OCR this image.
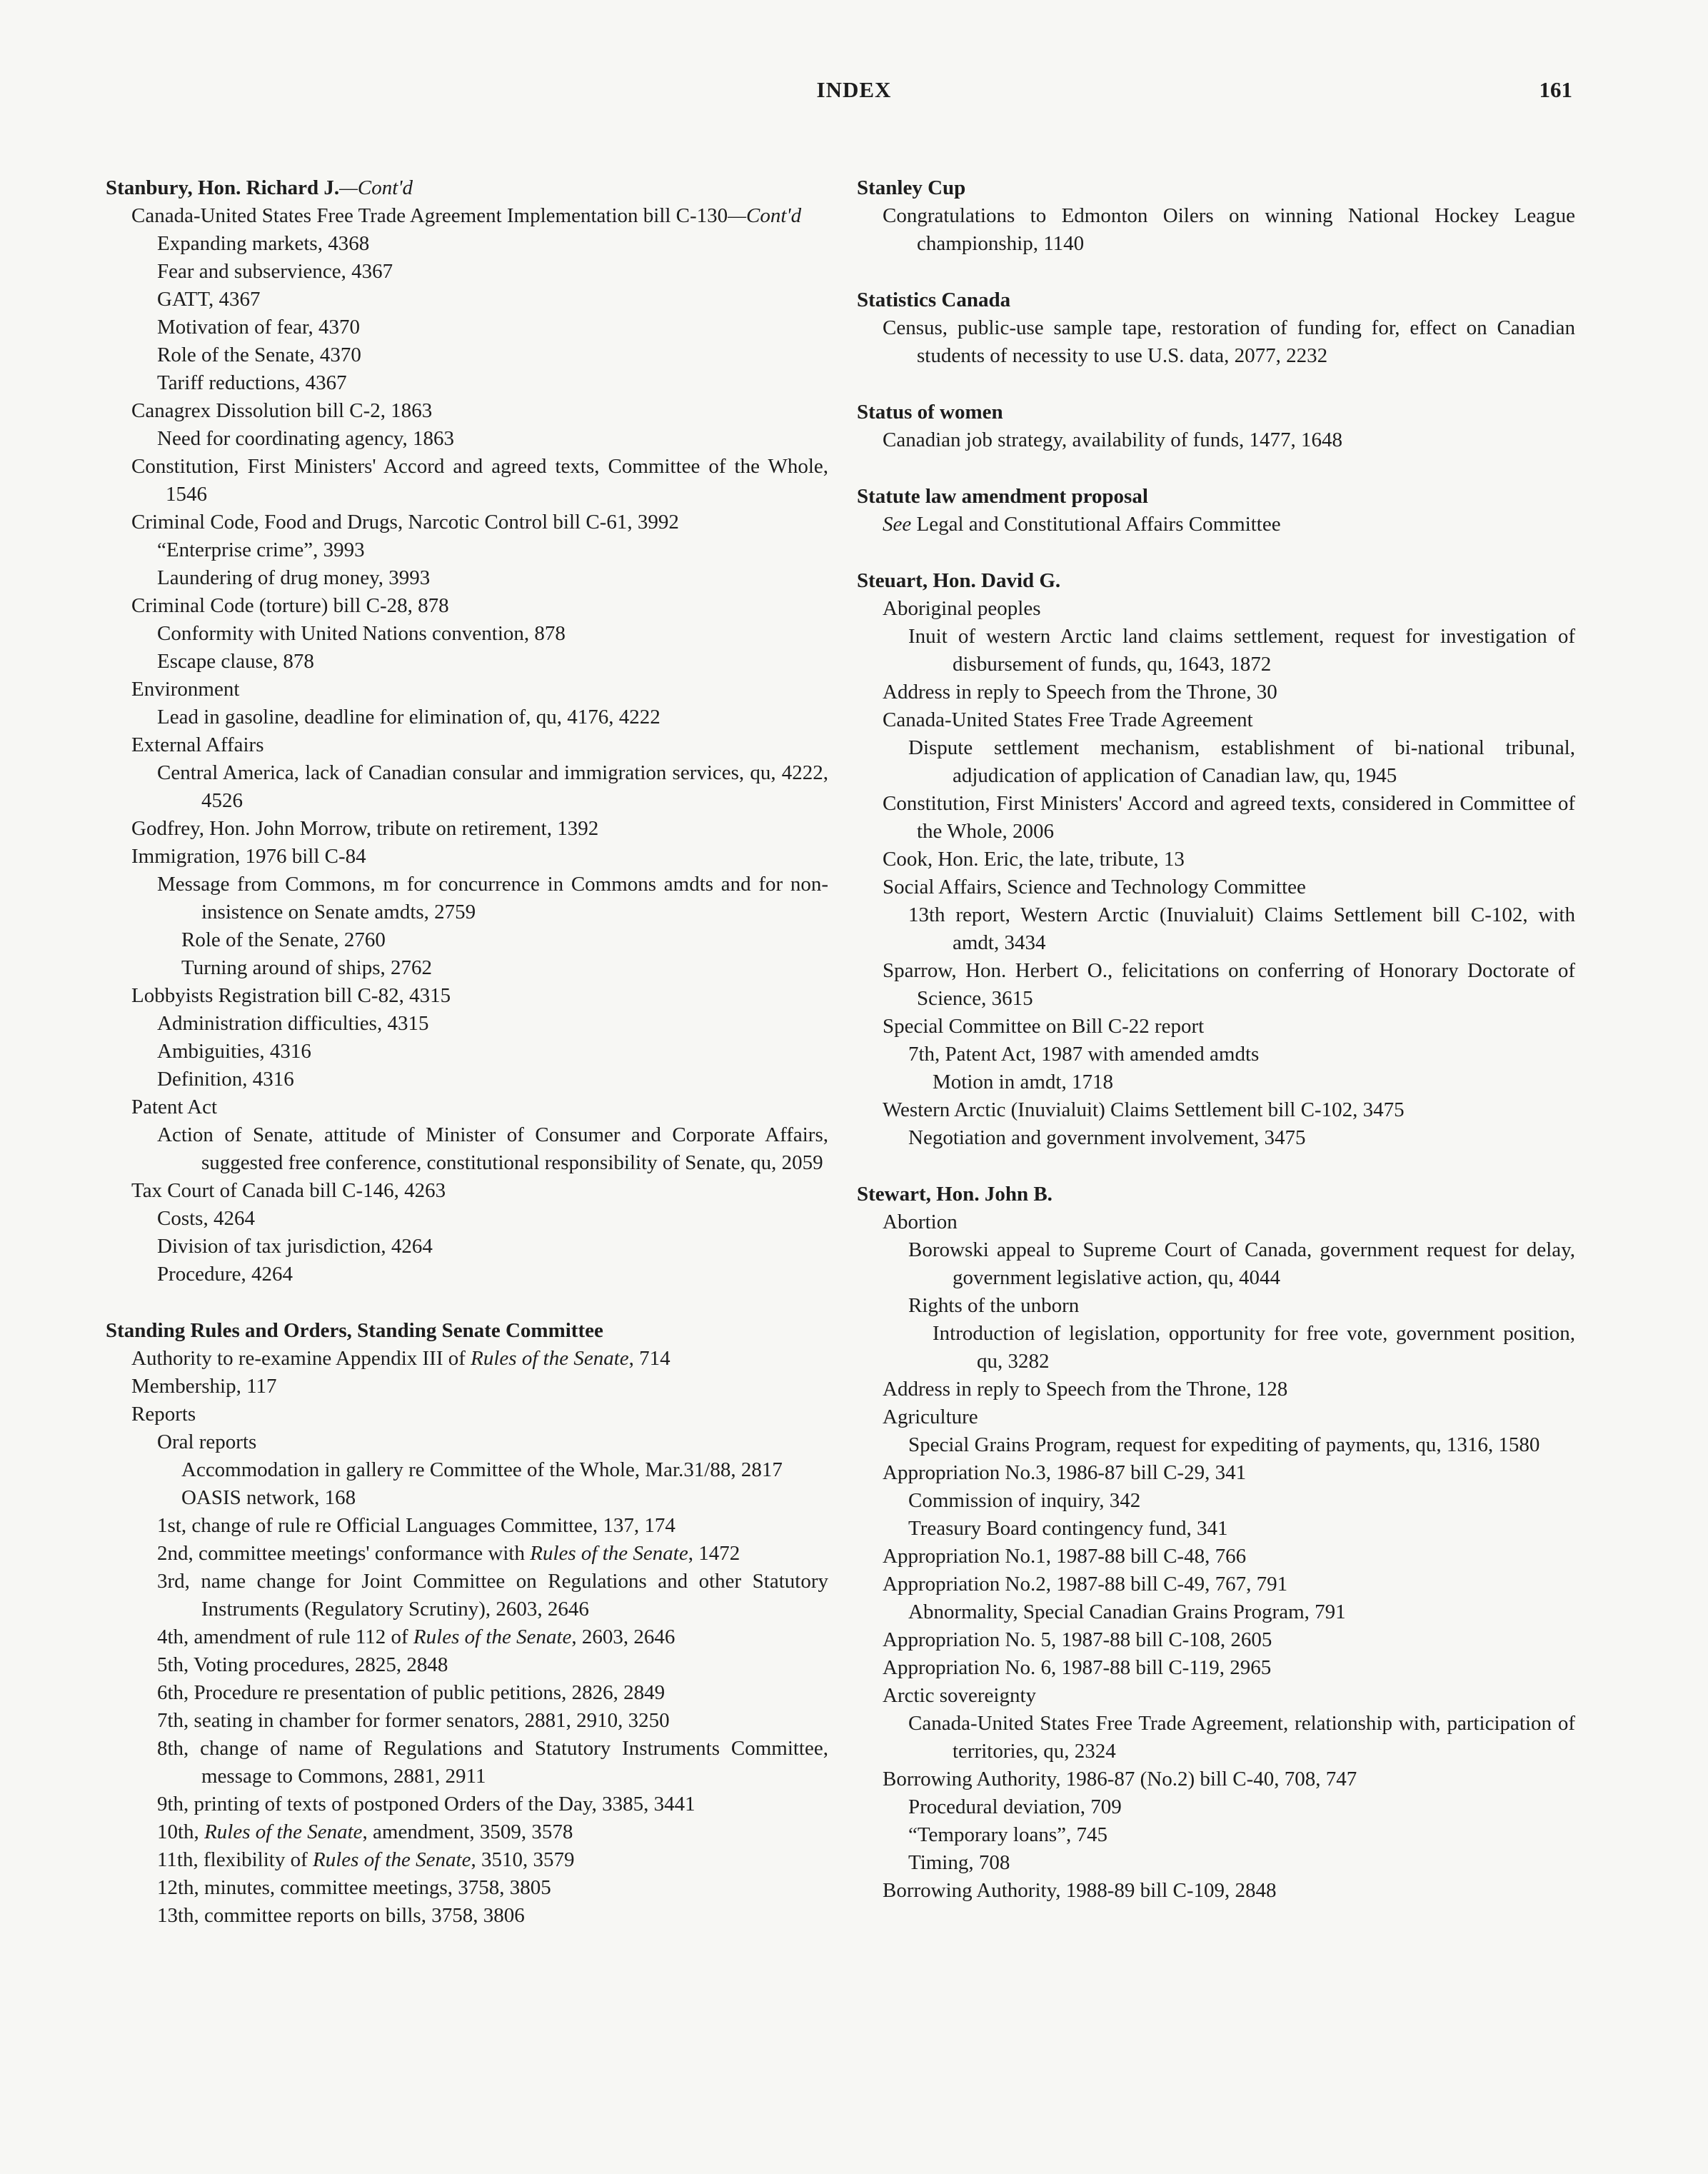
INDEX	161
Stanbury, Hon. Richard J.—Cont'd
Canada-United States Free Trade Agreement Implementation bill C-130—Cont'd
Expanding markets, 4368
Fear and subservience, 4367
GATT, 4367
Motivation of fear, 4370
Role of the Senate, 4370
Tariff reductions, 4367
Canagrex Dissolution bill C-2, 1863
Need for coordinating agency, 1863
Constitution, First Ministers' Accord and agreed texts, Committee of the Whole, 1546
Criminal Code, Food and Drugs, Narcotic Control bill C-61, 3992
“Enterprise crime”, 3993
Laundering of drug money, 3993
Criminal Code (torture) bill C-28, 878
Conformity with United Nations convention, 878
Escape clause, 878
Environment
Lead in gasoline, deadline for elimination of, qu, 4176, 4222
External Affairs
Central America, lack of Canadian consular and immigration services, qu, 4222, 4526
Godfrey, Hon. John Morrow, tribute on retirement, 1392
Immigration, 1976 bill C-84
Message from Commons, m for concurrence in Commons amdts and for non-insistence on Senate amdts, 2759
Role of the Senate, 2760
Turning around of ships, 2762
Lobbyists Registration bill C-82, 4315
Administration difficulties, 4315
Ambiguities, 4316
Definition, 4316
Patent Act
Action of Senate, attitude of Minister of Consumer and Corporate Affairs, suggested free conference, constitutional responsibility of Senate, qu, 2059
Tax Court of Canada bill C-146, 4263
Costs, 4264
Division of tax jurisdiction, 4264
Procedure, 4264
Standing Rules and Orders, Standing Senate Committee
Authority to re-examine Appendix III of Rules of the Senate, 714
Membership, 117
Reports
Oral reports
Accommodation in gallery re Committee of the Whole, Mar.31/88, 2817
OASIS network, 168
1st, change of rule re Official Languages Committee, 137, 174
2nd, committee meetings' conformance with Rules of the Senate, 1472
3rd, name change for Joint Committee on Regulations and other Statutory Instruments (Regulatory Scrutiny), 2603, 2646
4th, amendment of rule 112 of Rules of the Senate, 2603, 2646
5th, Voting procedures, 2825, 2848
6th, Procedure re presentation of public petitions, 2826, 2849
7th, seating in chamber for former senators, 2881, 2910, 3250
8th, change of name of Regulations and Statutory Instruments Committee, message to Commons, 2881, 2911
9th, printing of texts of postponed Orders of the Day, 3385, 3441
10th, Rules of the Senate, amendment, 3509, 3578
11th, flexibility of Rules of the Senate, 3510, 3579
12th, minutes, committee meetings, 3758, 3805
13th, committee reports on bills, 3758, 3806
Stanley Cup
Congratulations to Edmonton Oilers on winning National Hockey League championship, 1140
Statistics Canada
Census, public-use sample tape, restoration of funding for, effect on Canadian students of necessity to use U.S. data, 2077, 2232
Status of women
Canadian job strategy, availability of funds, 1477, 1648
Statute law amendment proposal
See Legal and Constitutional Affairs Committee
Steuart, Hon. David G.
Aboriginal peoples
Inuit of western Arctic land claims settlement, request for investigation of disbursement of funds, qu, 1643, 1872
Address in reply to Speech from the Throne, 30
Canada-United States Free Trade Agreement
Dispute settlement mechanism, establishment of bi-national tribunal, adjudication of application of Canadian law, qu, 1945
Constitution, First Ministers' Accord and agreed texts, considered in Committee of the Whole, 2006
Cook, Hon. Eric, the late, tribute, 13
Social Affairs, Science and Technology Committee
13th report, Western Arctic (Inuvialuit) Claims Settlement bill C-102, with amdt, 3434
Sparrow, Hon. Herbert O., felicitations on conferring of Honorary Doctorate of Science, 3615
Special Committee on Bill C-22 report
7th, Patent Act, 1987 with amended amdts
Motion in amdt, 1718
Western Arctic (Inuvialuit) Claims Settlement bill C-102, 3475
Negotiation and government involvement, 3475
Stewart, Hon. John B.
Abortion
Borowski appeal to Supreme Court of Canada, government request for delay, government legislative action, qu, 4044
Rights of the unborn
Introduction of legislation, opportunity for free vote, government position, qu, 3282
Address in reply to Speech from the Throne, 128
Agriculture
Special Grains Program, request for expediting of payments, qu, 1316, 1580
Appropriation No.3, 1986-87 bill C-29, 341
Commission of inquiry, 342
Treasury Board contingency fund, 341
Appropriation No.1, 1987-88 bill C-48, 766
Appropriation No.2, 1987-88 bill C-49, 767, 791
Abnormality, Special Canadian Grains Program, 791
Appropriation No. 5, 1987-88 bill C-108, 2605
Appropriation No. 6, 1987-88 bill C-119, 2965
Arctic sovereignty
Canada-United States Free Trade Agreement, relationship with, participation of territories, qu, 2324
Borrowing Authority, 1986-87 (No.2) bill C-40, 708, 747
Procedural deviation, 709
“Temporary loans”, 745
Timing, 708
Borrowing Authority, 1988-89 bill C-109, 2848
